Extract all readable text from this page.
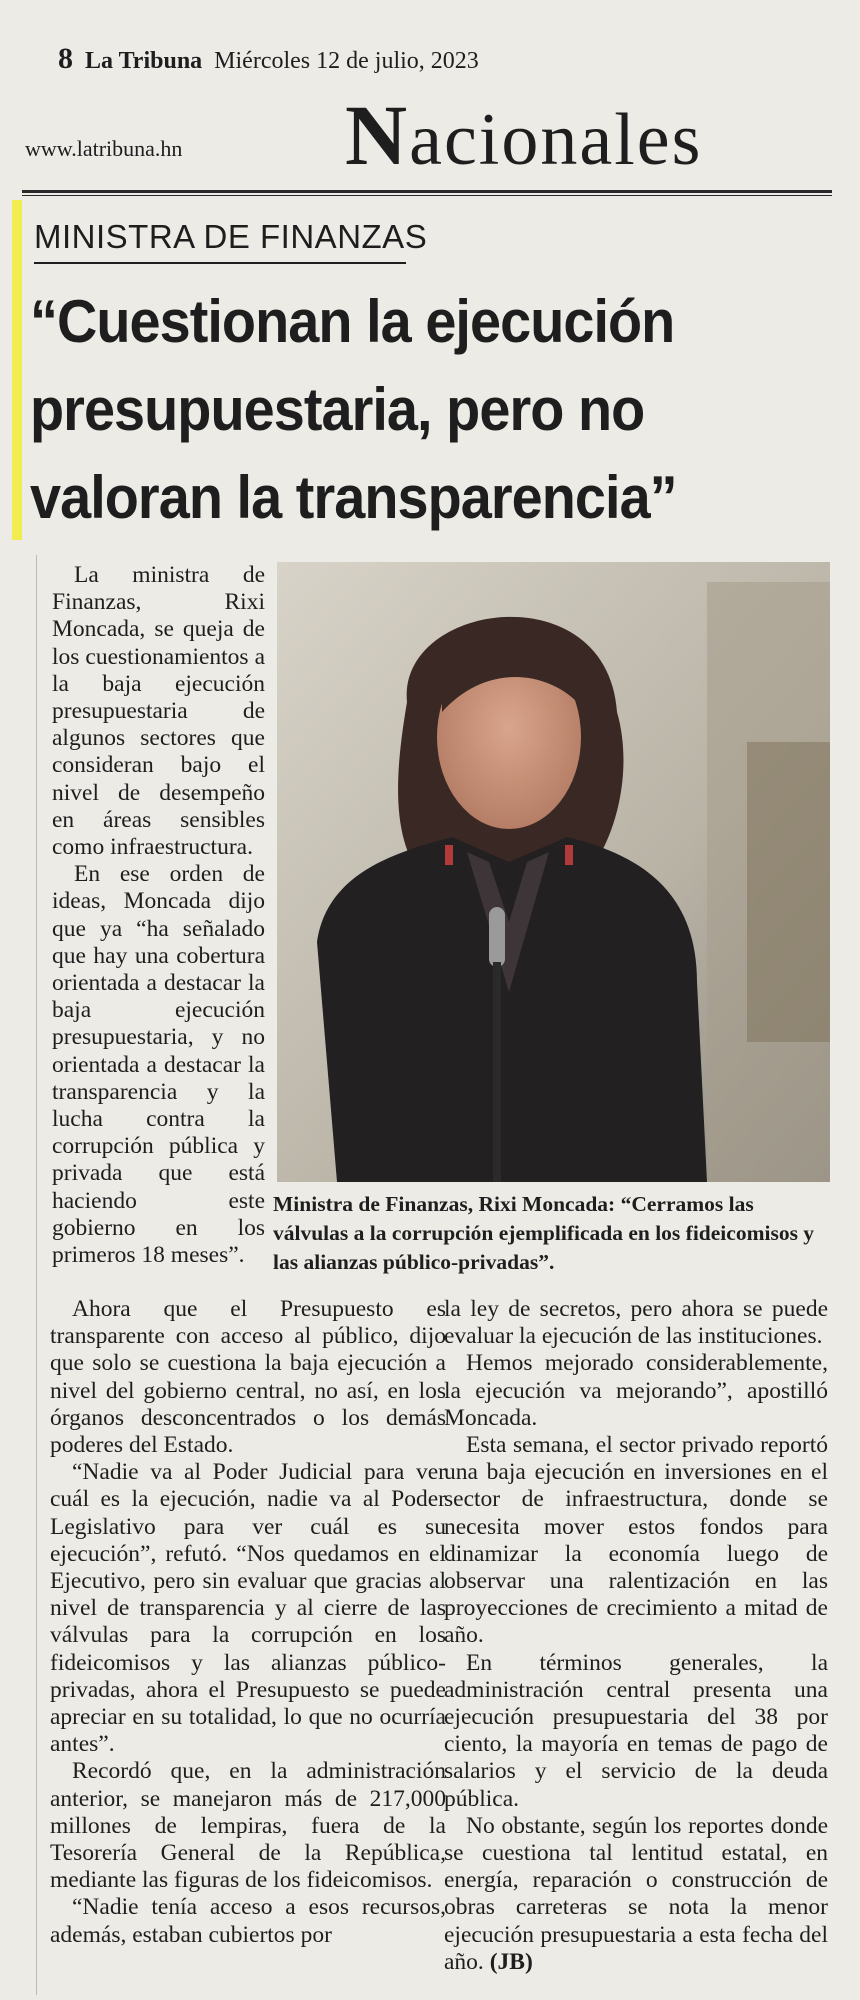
8 La Tribuna Miércoles 12 de julio, 2023
www.latribuna.hn Nacionales
MINISTRA DE FINANZAS
“Cuestionan la ejecución
presupuestaria, pero no
valoran la transparencia”

La ministra de Finanzas, Rixi Moncada, se queja de los cuestionamientos a la baja ejecución presupuestaria de algunos sectores que consideran bajo el nivel de desempeño en áreas sensibles como infraestructura.

En ese orden de ideas, Moncada dijo que ya “ha señalado que hay una cobertura orientada a destacar la baja ejecución presupuestaria, y no orientada a destacar la transparencia y la lucha contra la corrupción pública y privada que está haciendo este gobierno en los primeros 18 meses”.

Ministra de Finanzas, Rixi Moncada: “Cerramos las válvulas a la corrupción ejemplificada en los fideicomisos y las alianzas público-privadas”.

Ahora que el Presupuesto es transparente con acceso al público, dijo que solo se cuestiona la baja ejecución a nivel del gobierno central, no así, en los órganos desconcentrados o los demás poderes del Estado.

“Nadie va al Poder Judicial para ver cuál es la ejecución, nadie va al Poder Legislativo para ver cuál es su ejecución”, refutó. “Nos quedamos en el Ejecutivo, pero sin evaluar que gracias al nivel de transparencia y al cierre de las válvulas para la corrupción en los fideicomisos y las alianzas público-privadas, ahora el Presupuesto se puede apreciar en su totalidad, lo que no ocurría antes”.

Recordó que, en la administración anterior, se manejaron más de 217,000 millones de lempiras, fuera de la Tesorería General de la República, mediante las figuras de los fideicomisos.

“Nadie tenía acceso a esos recursos, además, estaban cubiertos por

la ley de secretos, pero ahora se puede evaluar la ejecución de las instituciones.

Hemos mejorado considerablemente, la ejecución va mejorando”, apostilló Moncada.

Esta semana, el sector privado reportó una baja ejecución en inversiones en el sector de infraestructura, donde se necesita mover estos fondos para dinamizar la economía luego de observar una ralentización en las proyecciones de crecimiento a mitad de año.

En términos generales, la administración central presenta una ejecución presupuestaria del 38 por ciento, la mayoría en temas de pago de salarios y el servicio de la deuda pública.

No obstante, según los reportes donde se cuestiona tal lentitud estatal, en energía, reparación o construcción de obras carreteras se nota la menor ejecución presupuestaria a esta fecha del año. (JB)
